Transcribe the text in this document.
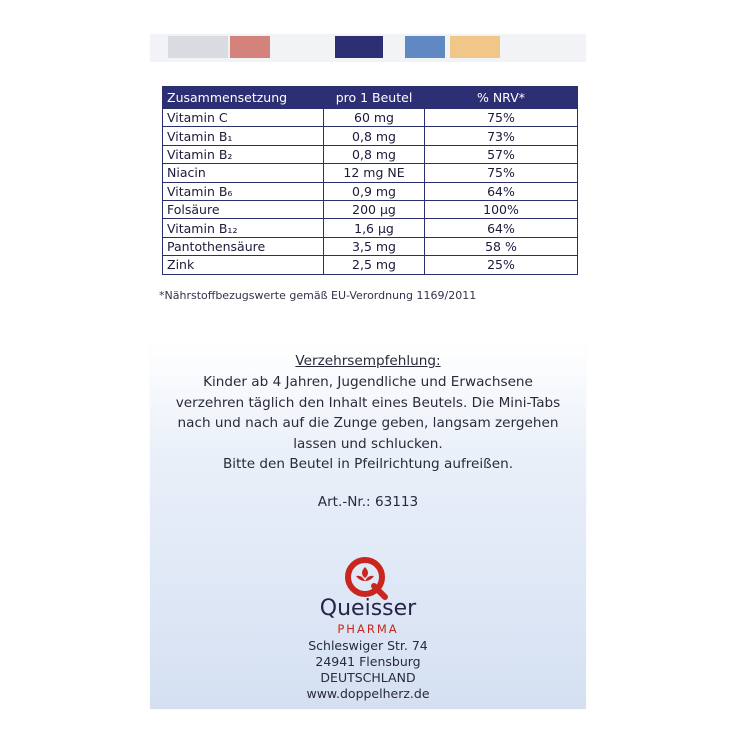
Zusammensetzung	pro 1 Beutel	% NRV*
Vitamin C	60 mg	75%
Vitamin B₁	0,8 mg	73%
Vitamin B₂	0,8 mg	57%
Niacin	12 mg NE	75%
Vitamin B₆	0,9 mg	64%
Folsäure	200 µg	100%
Vitamin B₁₂	1,6 µg	64%
Pantothensäure	3,5 mg	58 %
Zink	2,5 mg	25%
*Nährstoffbezugswerte gemäß EU-Verordnung 1169/2011
Verzehrsempfehlung:
Kinder ab 4 Jahren, Jugendliche und Erwachsene
verzehren täglich den Inhalt eines Beutels. Die Mini-Tabs
nach und nach auf die Zunge geben, langsam zergehen
lassen und schlucken.
Bitte den Beutel in Pfeilrichtung aufreißen.
Art.-Nr.: 63113
Queisser
PHARMA
Schleswiger Str. 74
24941 Flensburg
DEUTSCHLAND
www.doppelherz.de
